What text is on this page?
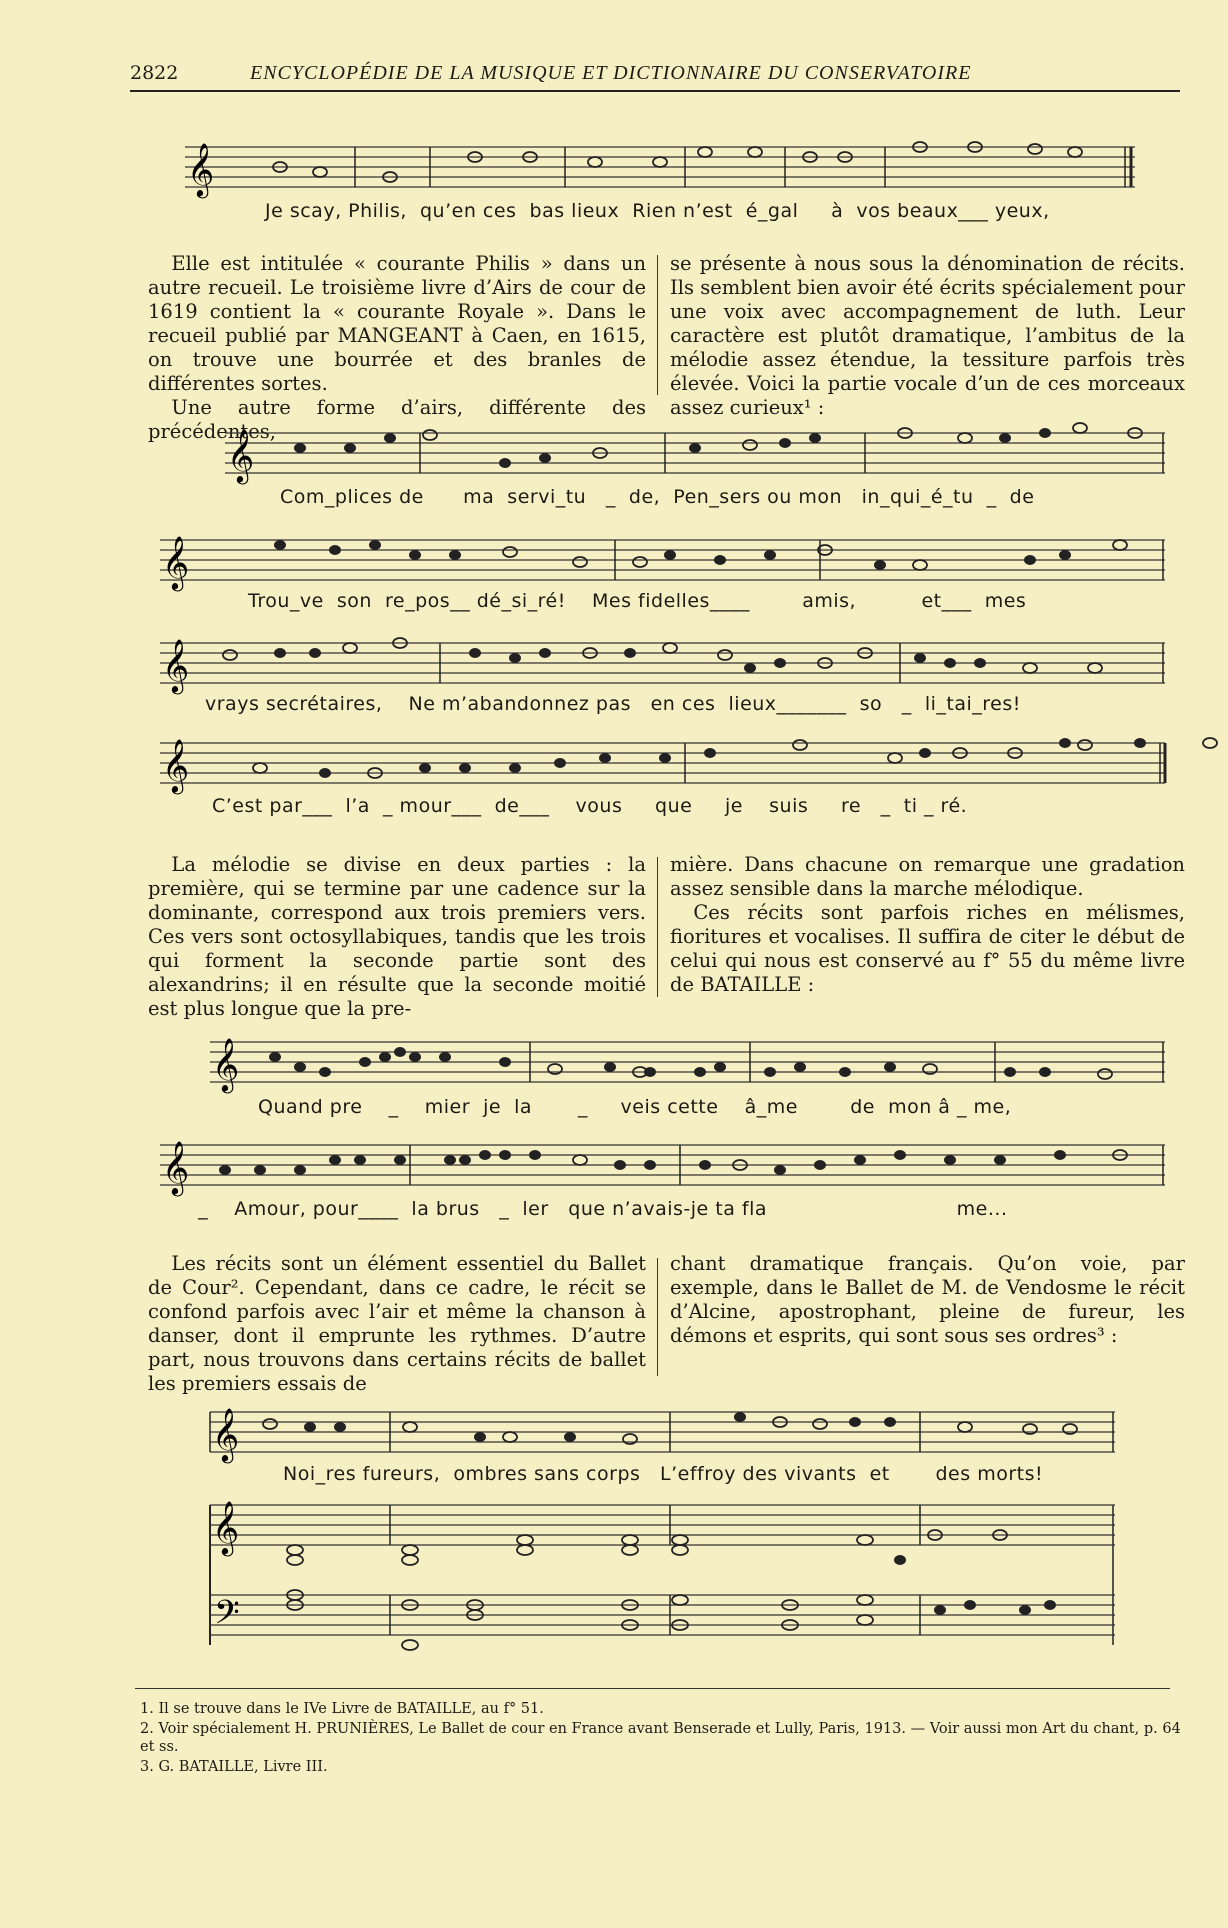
2822	ENCYCLOPÉDIE DE LA MUSIQUE ET DICTIONNAIRE DU CONSERVATOIRE
𝄞
Je scay, Philis,  qu’en ces  bas lieux  Rien n’est  é_gal     à  vos beaux___ yeux,

Elle est intitulée « courante Philis » dans un autre recueil. Le troisième livre d’Airs de cour de 1619 contient la « courante Royale ». Dans le recueil publié par MANGEANT à Caen, en 1615, on trouve une bourrée et des branles de différentes sortes.

Une autre forme d’airs, différente des précédentes,

se présente à nous sous la dénomination de récits. Ils semblent bien avoir été écrits spécialement pour une voix avec accompagnement de luth. Leur caractère est plutôt dramatique, l’ambitus de la mélodie assez étendue, la tessiture parfois très élevée. Voici la partie vocale d’un de ces morceaux assez curieux¹ :

𝄞
Com_plices de      ma  servi_tu   _  de,  Pen_sers ou mon   in_qui_é_tu  _  de
𝄞
Trou_ve  son  re_pos__ dé_si_ré!    Mes fidelles____        amis,          et___  mes
𝄞
vrays secrétaires,    Ne m’abandonnez pas   en ces  lieux_______  so   _  li_tai_res!
𝄞
C’est par___  l’a  _ mour___  de___    vous     que     je    suis     re   _  ti _ ré.

La mélodie se divise en deux parties : la première, qui se termine par une cadence sur la dominante, correspond aux trois premiers vers. Ces vers sont octosyllabiques, tandis que les trois qui forment la seconde partie sont des alexandrins; il en résulte que la seconde moitié est plus longue que la pre-

mière. Dans chacune on remarque une gradation assez sensible dans la marche mélodique.

Ces récits sont parfois riches en mélismes, fioritures et vocalises. Il suffira de citer le début de celui qui nous est conservé au f° 55 du même livre de BATAILLE :

𝄞
Quand pre    _    mier  je  la       _     veis cette    â_me        de  mon â _ me,
𝄞
_    Amour, pour____  la brus   _  ler   que n’avais-je ta fla                             me...

Les récits sont un élément essentiel du Ballet de Cour². Cependant, dans ce cadre, le récit se confond parfois avec l’air et même la chanson à danser, dont il emprunte les rythmes. D’autre part, nous trouvons dans certains récits de ballet les premiers essais de

chant dramatique français. Qu’on voie, par exemple, dans le Ballet de M. de Vendosme le récit d’Alcine, apostrophant, pleine de fureur, les démons et esprits, qui sont sous ses ordres³ :

𝄞
Noi_res fureurs,  ombres sans corps   L’effroy des vivants  et       des morts!
𝄞
𝄢

1. Il se trouve dans le IVe Livre de BATAILLE, au f° 51.

2. Voir spécialement H. PRUNIÈRES, Le Ballet de cour en France avant Benserade et Lully, Paris, 1913. — Voir aussi mon Art du chant, p. 64 et ss.

3. G. BATAILLE, Livre III.
